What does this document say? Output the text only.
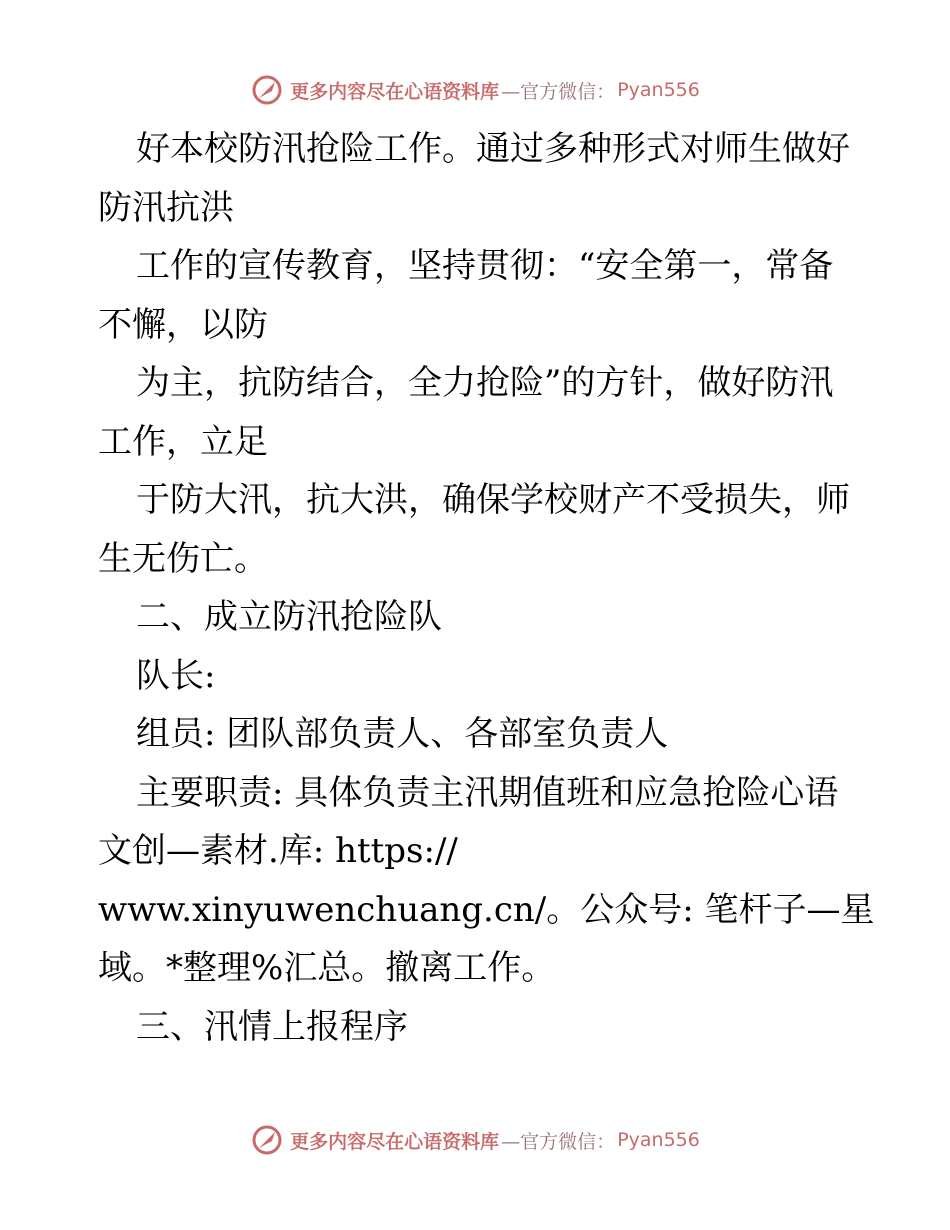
更多内容尽在心语资料库 —官方微信： Pyan556
好本校防汛抢险工作。通过多种形式对师生做好
防汛抗洪
工作的宣传教育，坚持贯彻：“安全第一，常备
不懈，以防
为主，抗防结合，全力抢险”的方针，做好防汛
工作，立足
于防大汛，抗大洪，确保学校财产不受损失，师
生无伤亡。
二、成立防汛抢险队
队长:
组员: 团队部负责人、各部室负责人
主要职责: 具体负责主汛期值班和应急抢险心语
文创—素材.库: https://
www.xinyuwenchuang.cn/。公众号: 笔杆子—星
域。*整理%汇总。撤离工作。
三、汛情上报程序
更多内容尽在心语资料库 —官方微信： Pyan556
